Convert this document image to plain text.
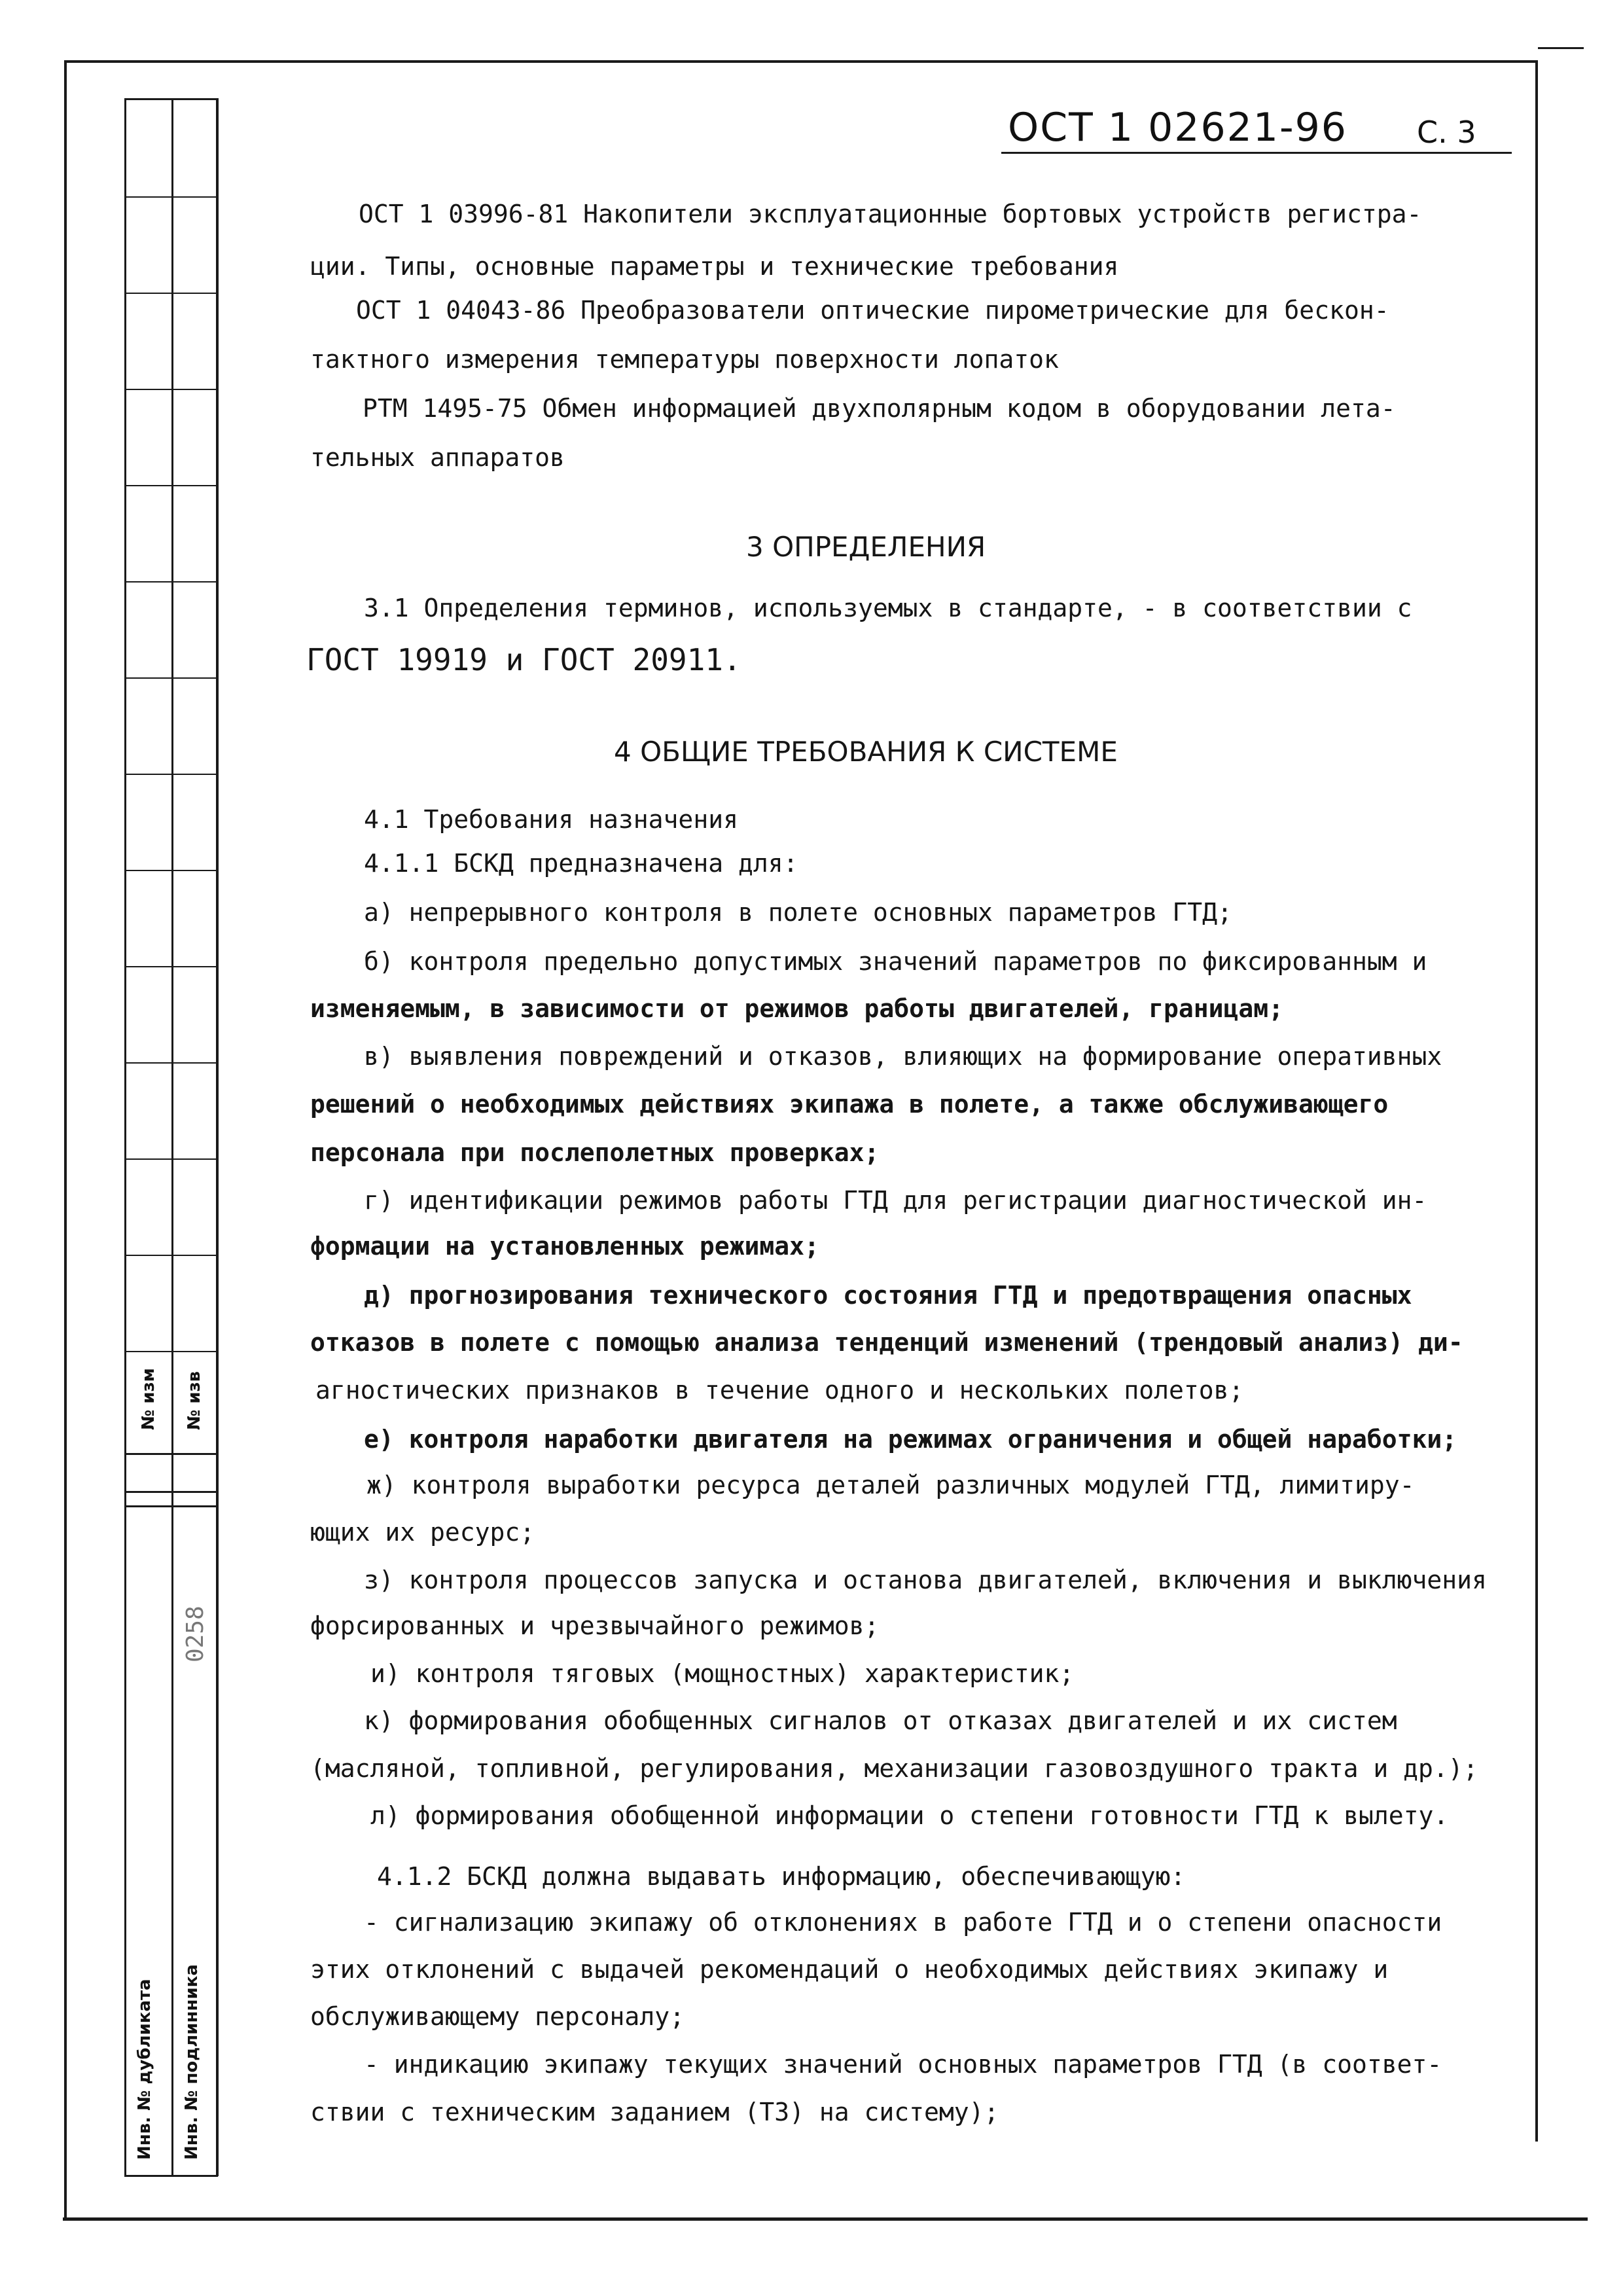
№ изм № изв
Инв. № дубликата Инв. № подлинника
0258
ОСТ 1 02621-96 С. 3
ОСТ 1 03996-81 Накопители эксплуатационные бортовых устройств регистра-
ции. Типы, основные параметры и технические требования
ОСТ 1 04043-86 Преобразователи оптические пирометрические для бескон-
тактного измерения температуры поверхности лопаток
РТМ 1495-75 Обмен информацией двухполярным кодом в оборудовании лета-
тельных аппаратов
3 ОПРЕДЕЛЕНИЯ
3.1 Определения терминов, используемых в стандарте, - в соответствии с
ГОСТ 19919 и ГОСТ 20911.
4 ОБЩИЕ ТРЕБОВАНИЯ К СИСТЕМЕ
4.1 Требования назначения
4.1.1 БСКД предназначена для:
а) непрерывного контроля в полете основных параметров ГТД;
б) контроля предельно допустимых значений параметров по фиксированным и
изменяемым, в зависимости от режимов работы двигателей, границам;
в) выявления повреждений и отказов, влияющих на формирование оперативных
решений о необходимых действиях экипажа в полете, а также обслуживающего
персонала при послеполетных проверках;
г) идентификации режимов работы ГТД для регистрации диагностической ин-
формации на установленных режимах;
д) прогнозирования технического состояния ГТД и предотвращения опасных
отказов в полете с помощью анализа тенденций изменений (трендовый анализ) ди-
агностических признаков в течение одного и нескольких полетов;
е) контроля наработки двигателя на режимах ограничения и общей наработки;
ж) контроля выработки ресурса деталей различных модулей ГТД, лимитиру-
ющих их ресурс;
з) контроля процессов запуска и останова двигателей, включения и выключения
форсированных и чрезвычайного режимов;
и) контроля тяговых (мощностных) характеристик;
к) формирования обобщенных сигналов от отказах двигателей и их систем
(масляной, топливной, регулирования, механизации газовоздушного тракта и др.);
л) формирования обобщенной информации о степени готовности ГТД к вылету.
4.1.2 БСКД должна выдавать информацию, обеспечивающую:
- сигнализацию экипажу об отклонениях в работе ГТД и о степени опасности
этих отклонений с выдачей рекомендаций о необходимых действиях экипажу и
обслуживающему персоналу;
- индикацию экипажу текущих значений основных параметров ГТД (в соответ-
ствии с техническим заданием (ТЗ) на систему);
